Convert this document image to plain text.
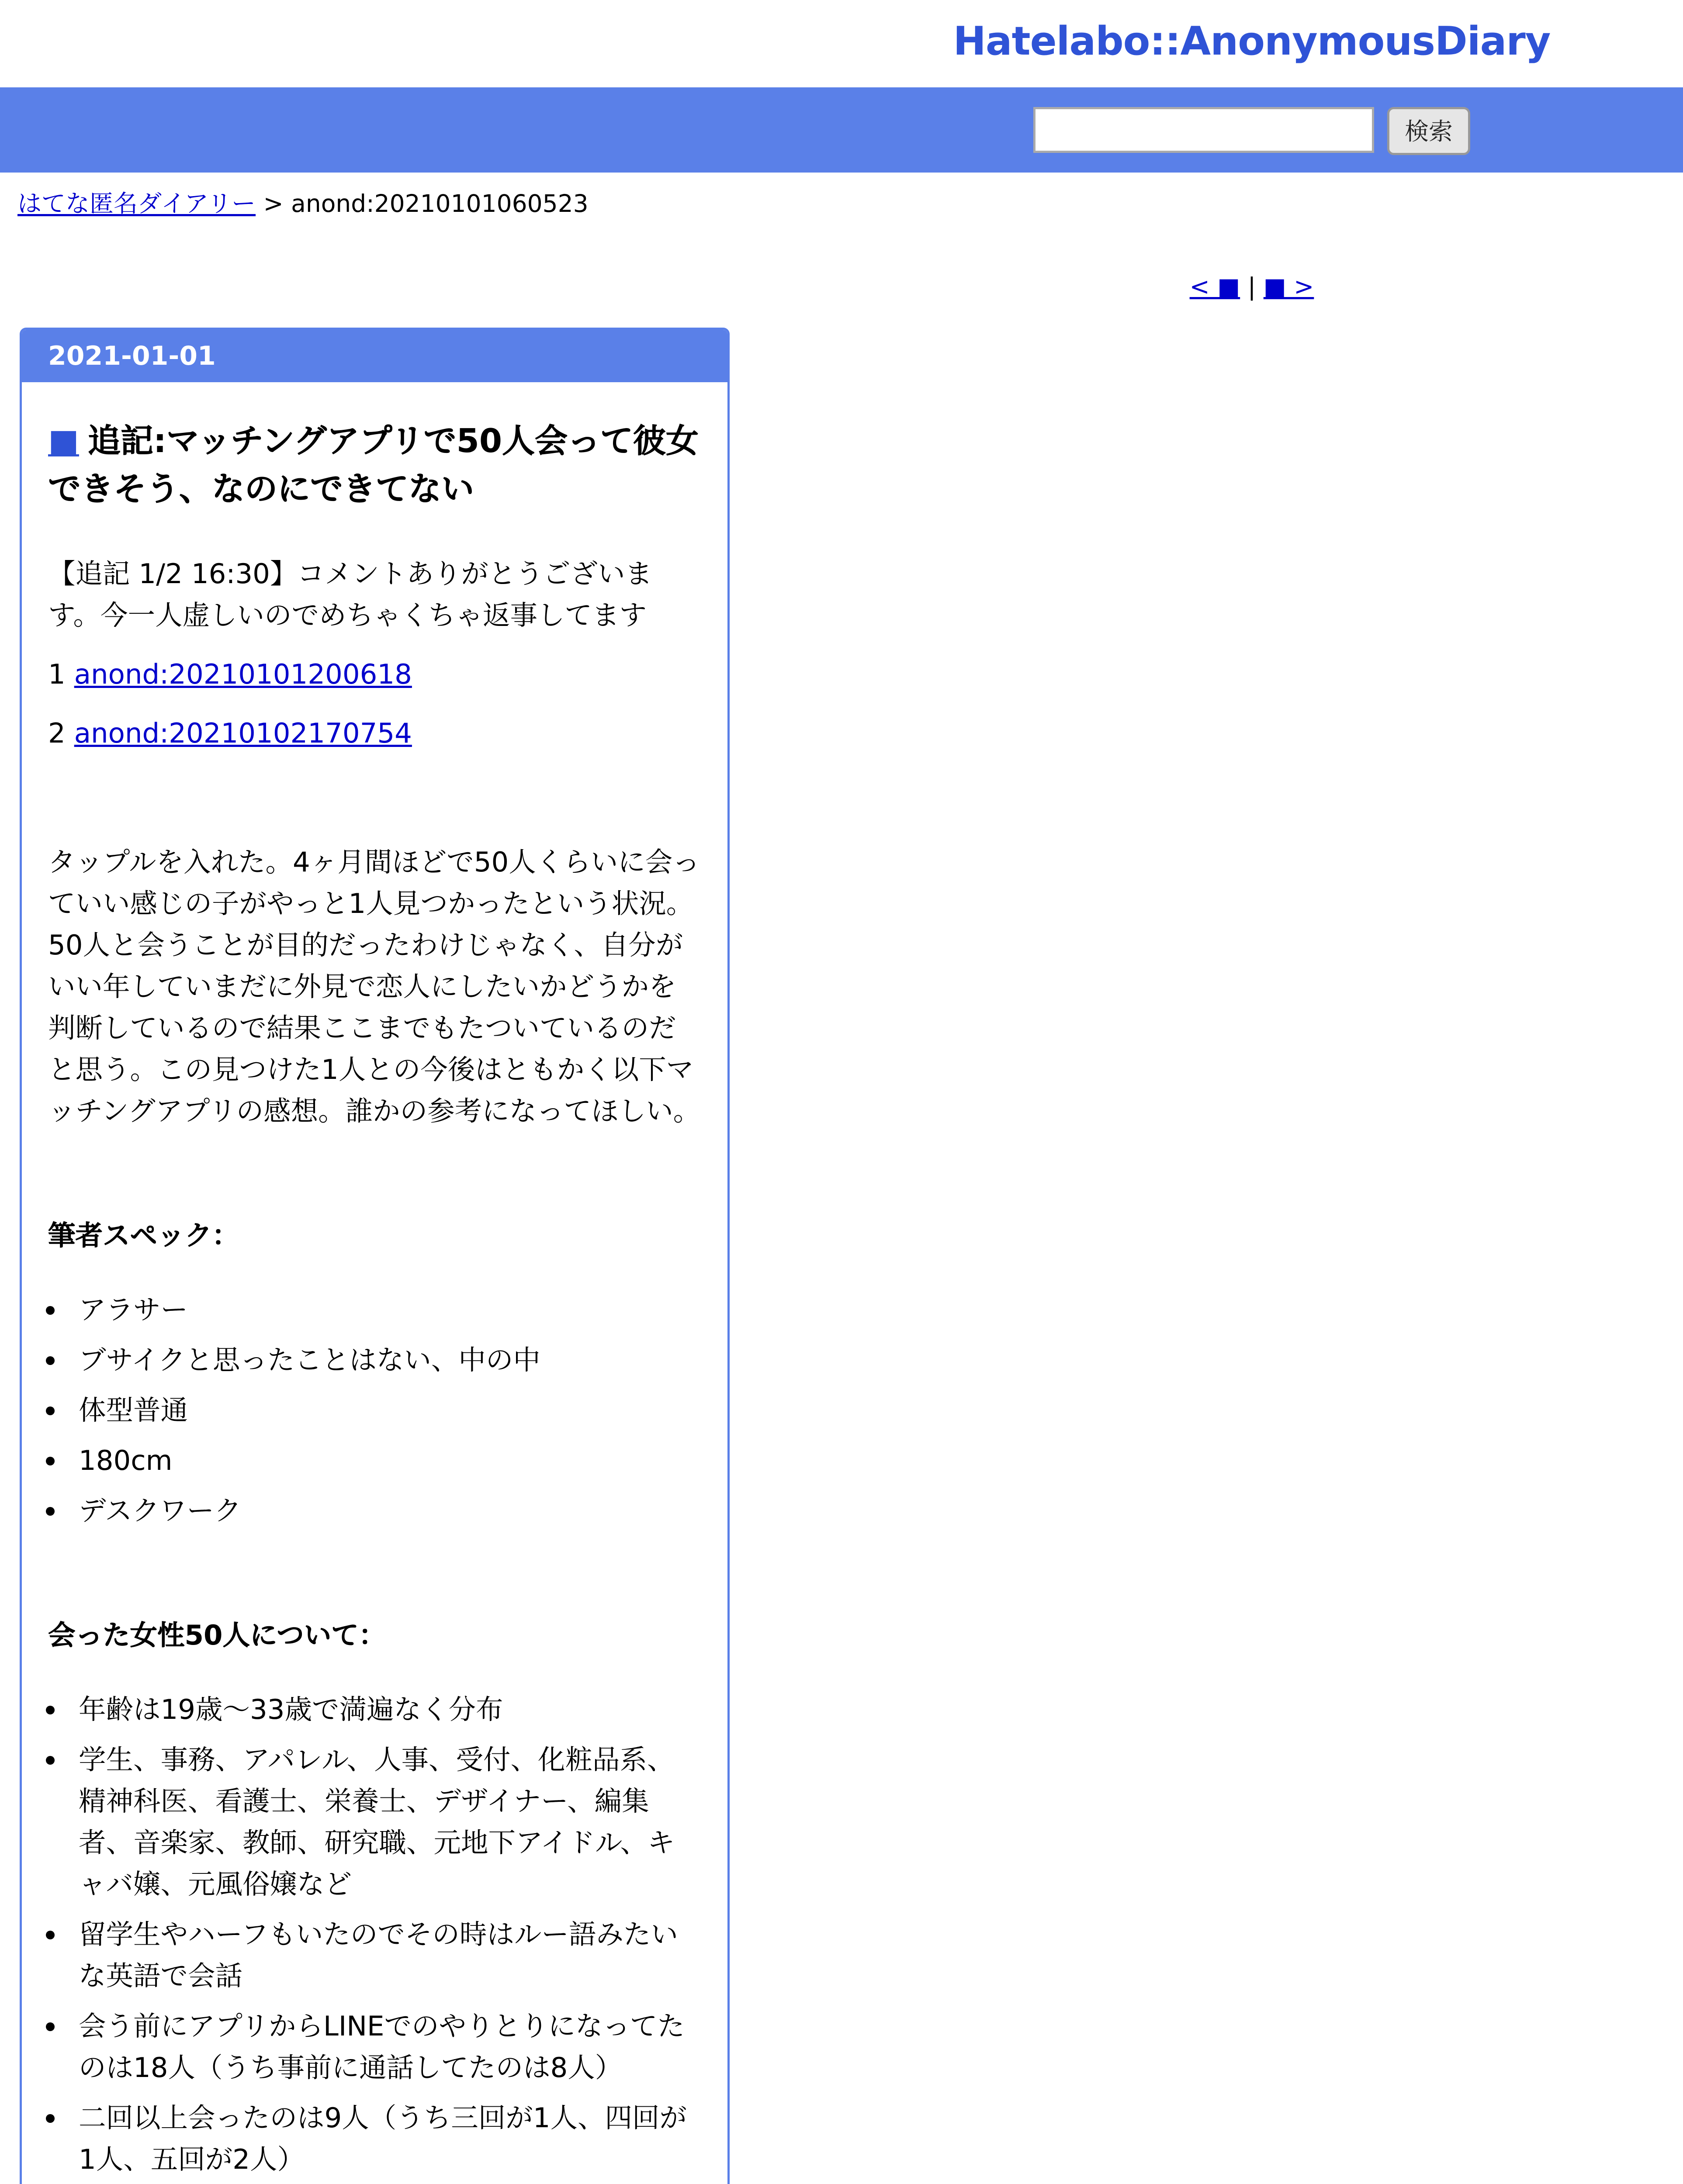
Hatelabo::AnonymousDiary
検索
はてな匿名ダイアリー > anond:20210101060523
< ■ | ■ >
2021-01-01
■ 追記:マッチングアプリで50人会って彼女できそう、なのにできてない

【追記 1/2 16:30】コメントありがとうございます。今一人虚しいのでめちゃくちゃ返事してます

1 anond:20210101200618

2 anond:20210102170754

タップルを入れた。4ヶ月間ほどで50人くらいに会っていい感じの子がやっと1人見つかったという状況。50人と会うことが目的だったわけじゃなく、自分がいい年していまだに外見で恋人にしたいかどうかを判断しているので結果ここまでもたついているのだと思う。この見つけた1人との今後はともかく以下マッチングアプリの感想。誰かの参考になってほしい。

筆者スペック：
• アラサー
• ブサイクと思ったことはない、中の中
• 体型普通
• 180cm
• デスクワーク
会った女性50人について：
• 年齢は19歳〜33歳で満遍なく分布
• 学生、事務、アパレル、人事、受付、化粧品系、精神科医、看護士、栄養士、デザイナー、編集者、音楽家、教師、研究職、元地下アイドル、キャバ嬢、元風俗嬢など
• 留学生やハーフもいたのでその時はルー語みたいな英語で会話
• 会う前にアプリからLINEでのやりとりになってたのは18人（うち事前に通話してたのは8人）
• 二回以上会ったのは9人（うち三回が1人、四回が1人、五回が2人）
